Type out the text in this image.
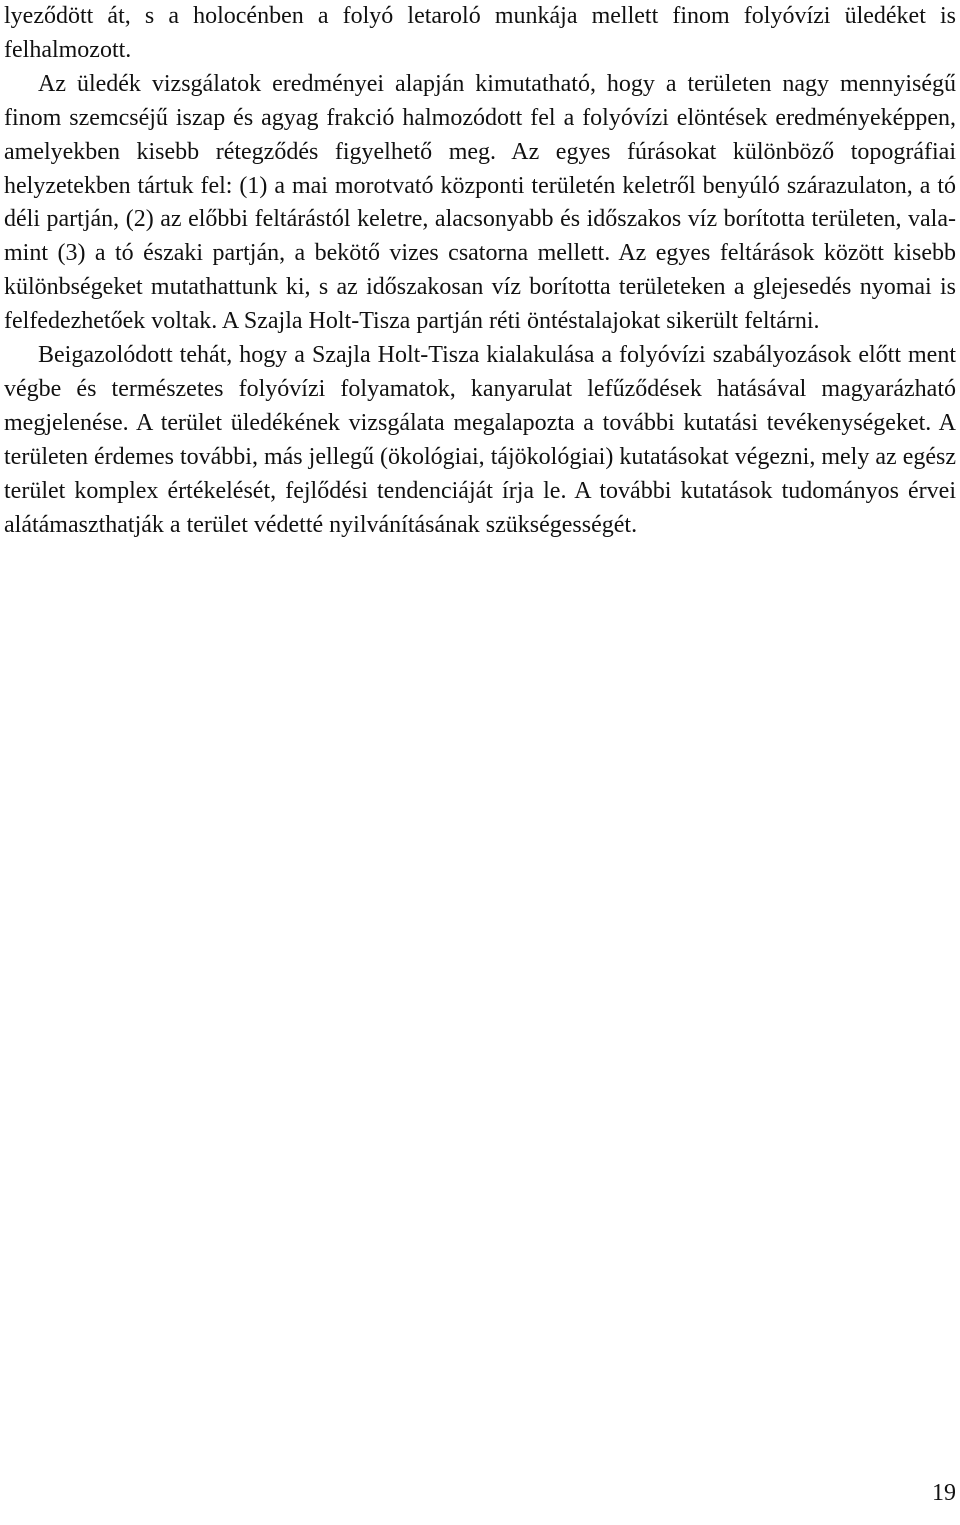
lyeződött át, s a holocénben a folyó letaroló munkája mellett finom folyóvízi üledéket is felhalmozott.

Az üledék vizsgálatok eredményei alapján kimutatható, hogy a területen nagy mennyiségű finom szemcséjű iszap és agyag frakció halmozódott fel a folyóvízi elöntések eredményeképpen, amelyekben kisebb rétegződés figyelhető meg. Az egyes fúrásokat különböző topográfiai helyzetekben tártuk fel: (1) a mai morotvató központi területén keletről benyúló szárazulaton, a tó déli partján, (2) az előbbi feltárástól keletre, alacsonyabb és időszakos víz borította területen, valamint (3) a tó északi partján, a bekötő vizes csatorna mellett. Az egyes feltárások között kisebb különbségeket mutathattunk ki, s az időszakosan víz borította területeken a glejesedés nyomai is felfedezhetőek voltak. A Szajla Holt-Tisza partján réti öntéstalajokat sikerült feltárni.

Beigazolódott tehát, hogy a Szajla Holt-Tisza kialakulása a folyóvízi szabályozások előtt ment végbe és természetes folyóvízi folyamatok, kanyarulat lefűződések hatásával magyarázható megjelenése. A terület üledékének vizsgálata megalapozta a további kutatási tevékenységeket. A területen érdemes további, más jellegű (ökológiai, tájökológiai) kutatásokat végezni, mely az egész terület komplex értékelését, fejlődési tendenciáját írja le. A további kutatások tudományos érvei alátámaszthatják a terület védetté nyilvánításának szükségességét.

19
